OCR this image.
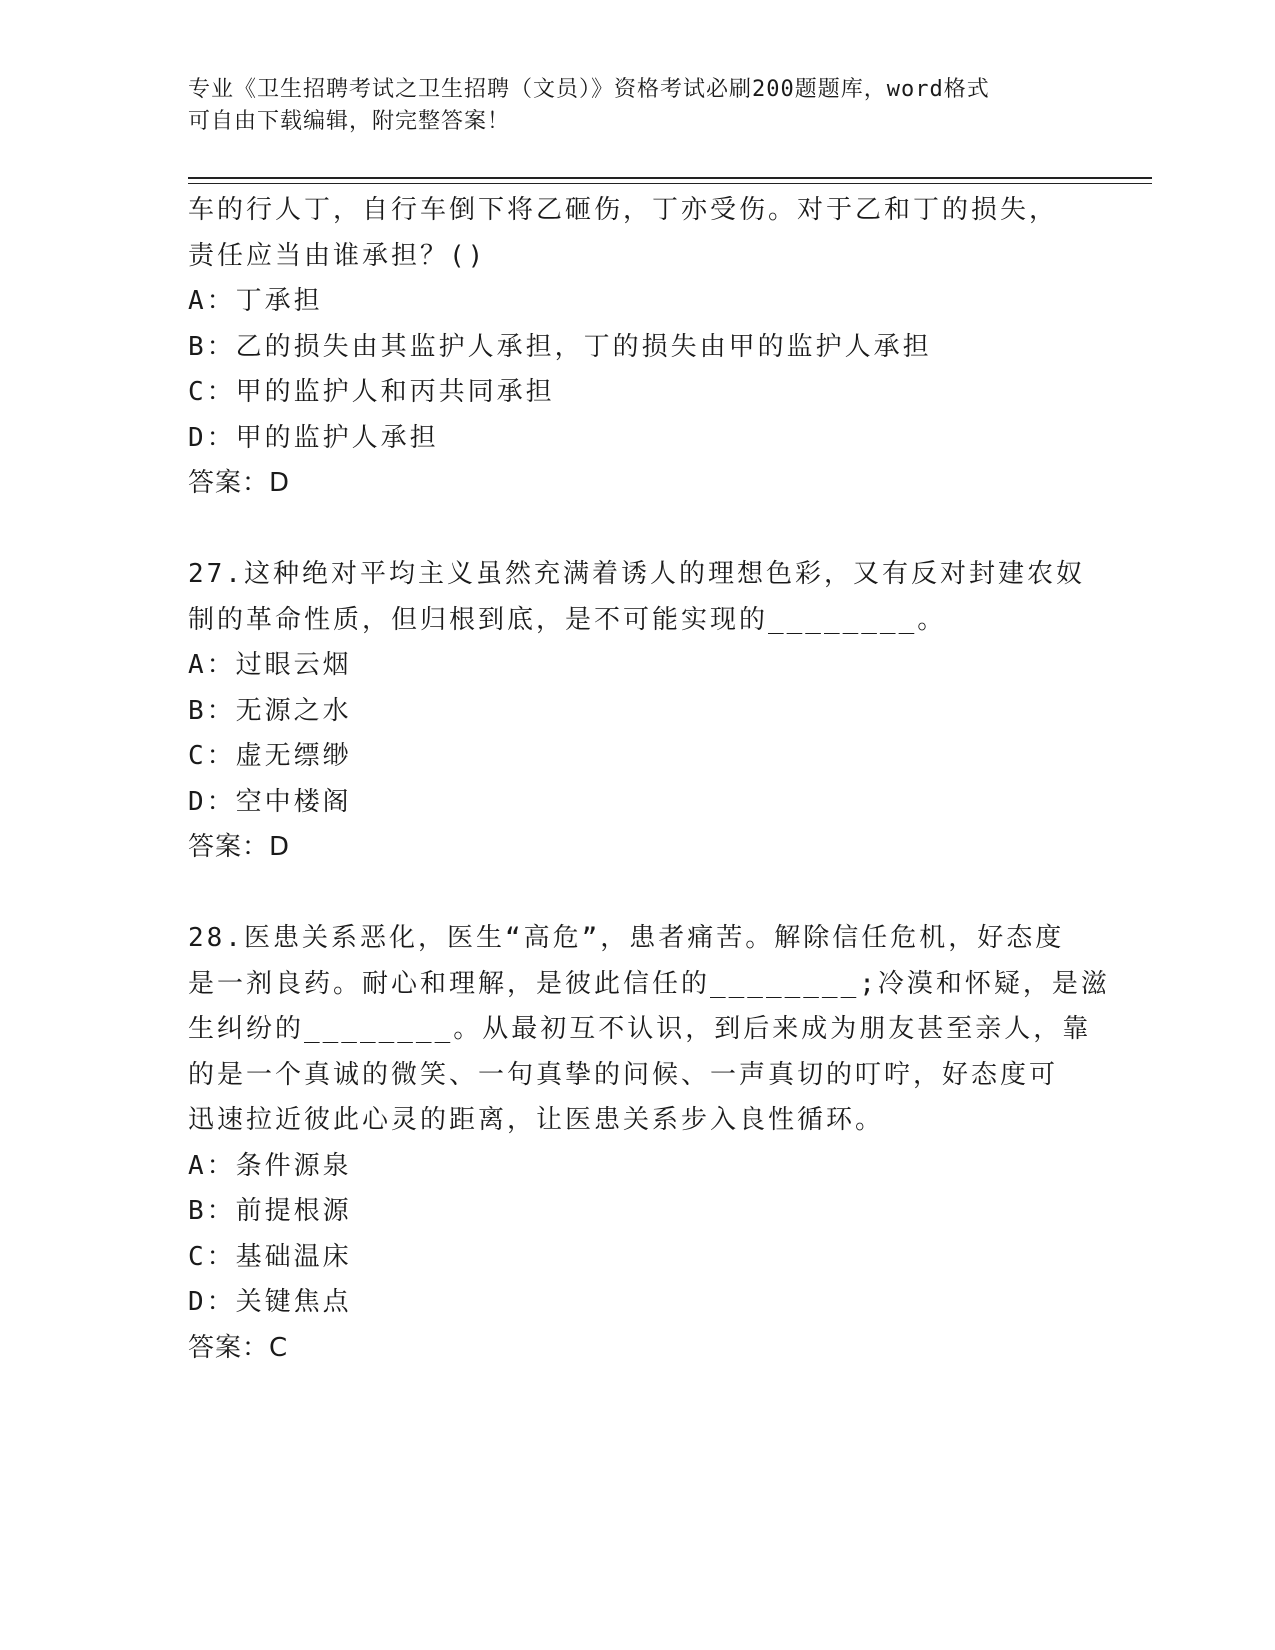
专业《卫生招聘考试之卫生招聘（文员）》资格考试必刷200题题库，word格式
可自由下载编辑，附完整答案！
车的行人丁，自行车倒下将乙砸伤，丁亦受伤。对于乙和丁的损失，
责任应当由谁承担？()
A：丁承担
B：乙的损失由其监护人承担，丁的损失由甲的监护人承担
C：甲的监护人和丙共同承担
D：甲的监护人承担
答案：D
27.这种绝对平均主义虽然充满着诱人的理想色彩，又有反对封建农奴
制的革命性质，但归根到底，是不可能实现的________。
A：过眼云烟
B：无源之水
C：虚无缥缈
D：空中楼阁
答案：D
28.医患关系恶化，医生“高危”，患者痛苦。解除信任危机，好态度
是一剂良药。耐心和理解，是彼此信任的________;冷漠和怀疑，是滋
生纠纷的________。从最初互不认识，到后来成为朋友甚至亲人，靠
的是一个真诚的微笑、一句真挚的问候、一声真切的叮咛，好态度可
迅速拉近彼此心灵的距离，让医患关系步入良性循环。
A：条件源泉
B：前提根源
C：基础温床
D：关键焦点
答案：C
